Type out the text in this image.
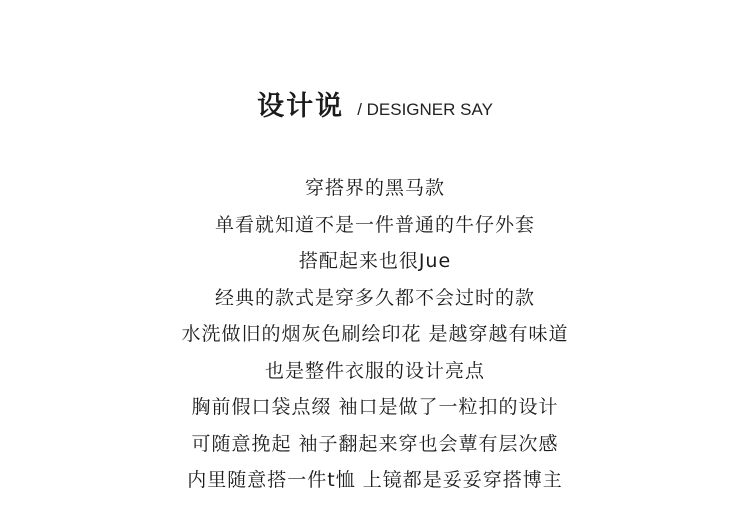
设计说 / DESIGNER SAY
穿搭界的黑马款
单看就知道不是一件普通的牛仔外套
搭配起来也很Jue
经典的款式是穿多久都不会过时的款
水洗做旧的烟灰色刷绘印花 是越穿越有味道
也是整件衣服的设计亮点
胸前假口袋点缀 袖口是做了一粒扣的设计
可随意挽起 袖子翻起来穿也会蕈有层次感
内里随意搭一件t恤 上镜都是妥妥穿搭博主
